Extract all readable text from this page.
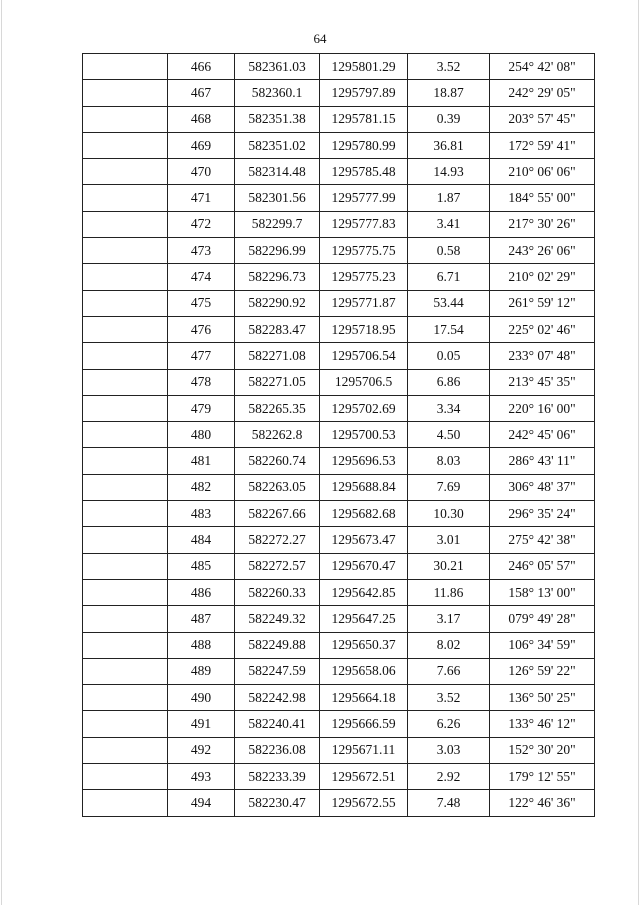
64
	466	582361.03	1295801.29	3.52	254° 42' 08"
	467	582360.1	1295797.89	18.87	242° 29' 05"
	468	582351.38	1295781.15	0.39	203° 57' 45"
	469	582351.02	1295780.99	36.81	172° 59' 41"
	470	582314.48	1295785.48	14.93	210° 06' 06"
	471	582301.56	1295777.99	1.87	184° 55' 00"
	472	582299.7	1295777.83	3.41	217° 30' 26"
	473	582296.99	1295775.75	0.58	243° 26' 06"
	474	582296.73	1295775.23	6.71	210° 02' 29"
	475	582290.92	1295771.87	53.44	261° 59' 12"
	476	582283.47	1295718.95	17.54	225° 02' 46"
	477	582271.08	1295706.54	0.05	233° 07' 48"
	478	582271.05	1295706.5	6.86	213° 45' 35"
	479	582265.35	1295702.69	3.34	220° 16' 00"
	480	582262.8	1295700.53	4.50	242° 45' 06"
	481	582260.74	1295696.53	8.03	286° 43' 11"
	482	582263.05	1295688.84	7.69	306° 48' 37"
	483	582267.66	1295682.68	10.30	296° 35' 24"
	484	582272.27	1295673.47	3.01	275° 42' 38"
	485	582272.57	1295670.47	30.21	246° 05' 57"
	486	582260.33	1295642.85	11.86	158° 13' 00"
	487	582249.32	1295647.25	3.17	079° 49' 28"
	488	582249.88	1295650.37	8.02	106° 34' 59"
	489	582247.59	1295658.06	7.66	126° 59' 22"
	490	582242.98	1295664.18	3.52	136° 50' 25"
	491	582240.41	1295666.59	6.26	133° 46' 12"
	492	582236.08	1295671.11	3.03	152° 30' 20"
	493	582233.39	1295672.51	2.92	179° 12' 55"
	494	582230.47	1295672.55	7.48	122° 46' 36"
